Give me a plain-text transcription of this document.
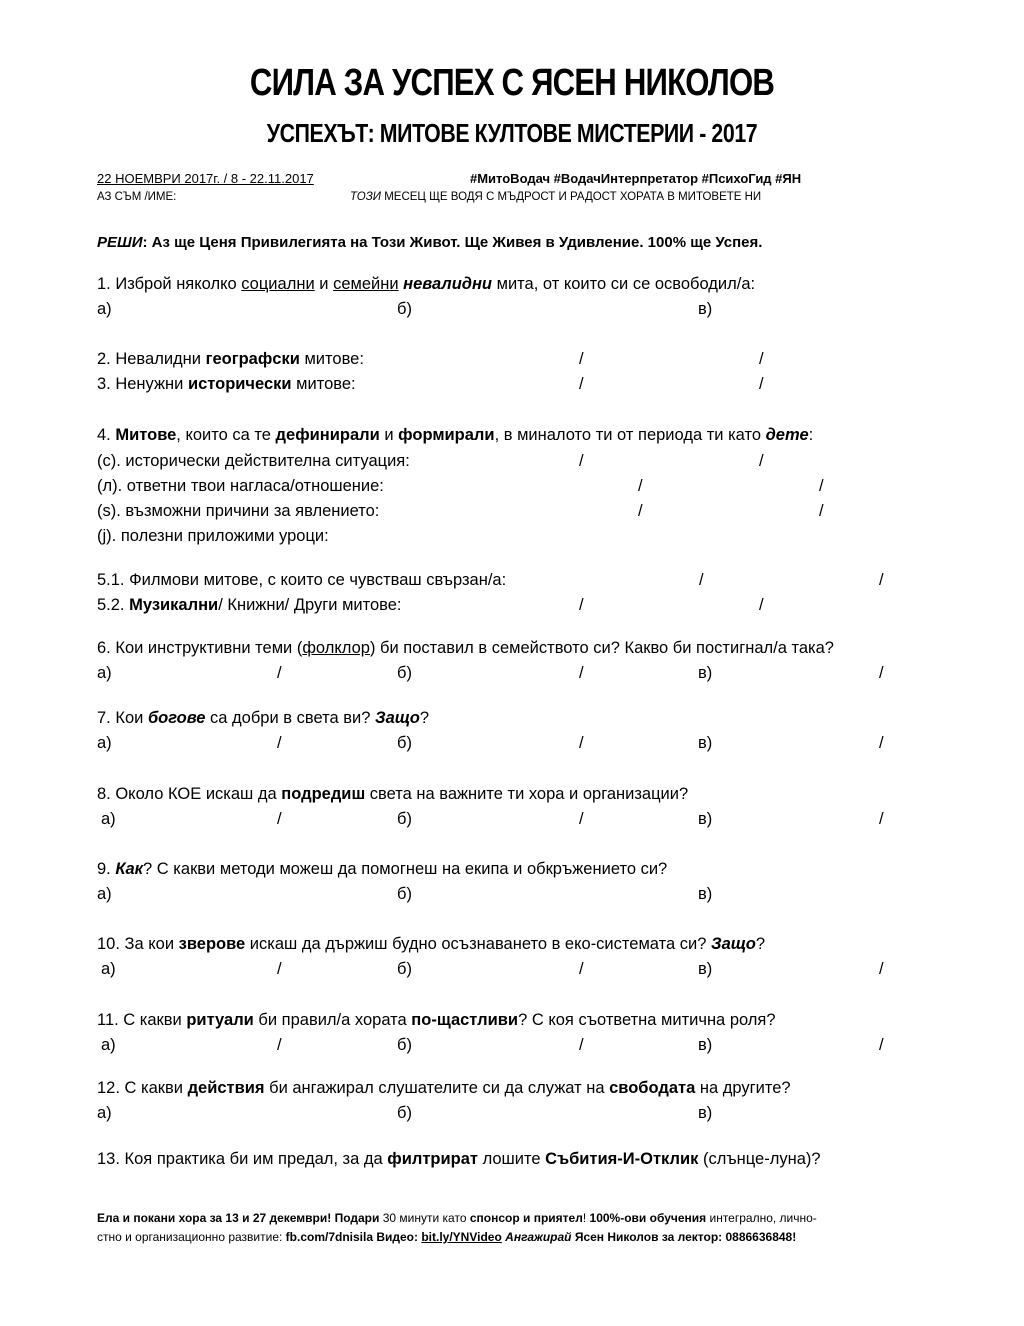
СИЛА ЗА УСПЕХ С ЯСЕН НИКОЛОВ
УСПЕХЪТ: МИТОВЕ КУЛТОВЕ МИСТЕРИИ - 2017
22 НОЕМВРИ 2017г. / 8 - 22.11.2017	#МитоВодач #ВодачИнтерпретатор #ПсихоГид #ЯН
АЗ СЪМ /ИМЕ:	ТОЗИ МЕСЕЦ ЩЕ ВОДЯ С МЪДРОСТ И РАДОСТ ХОРАТА В МИТОВЕТЕ НИ
РЕШИ: Аз ще Ценя Привилегията на Този Живот. Ще Живея в Удивление. 100% ще Успея.
1. Изброй няколко социални и семейни невалидни мита, от които си се освободил/а:
а)	б)	в)
2. Невалидни географски митове:	/	/
3. Ненужни исторически митове:	/	/
4. Митове, които са те дефинирали и формирали, в миналото ти от периода ти като дете:
(с). исторически действителна ситуация:	/	/
(л). ответни твои нагласа/отношение:	/	/
(s). възможни причини за явлението:	/	/
(j). полезни приложими уроци:
5.1. Филмови митове, с които се чувстваш свързан/а:	/	/
5.2. Музикални/ Книжни/ Други митове:	/	/
6. Кои инструктивни теми (фолклор) би поставил в семейството си? Какво би постигнал/а така?
а)	/	б)	/	в)	/
7. Кои богове са добри в света ви? Защо?
а)	/	б)	/	в)	/
8. Около КОЕ искаш да подредиш света на важните ти хора и организации?
а)	/	б)	/	в)	/
9. Как? С какви методи можеш да помогнеш на екипа и обкръжението си?
а)	б)	в)
10. За кои зверове искаш да държиш будно осъзнаването в еко-системата си? Защо?
а)	/	б)	/	в)	/
11. С какви ритуали би правил/а хората по-щастливи? С коя съответна митична роля?
а)	/	б)	/	в)	/
12. С какви действия би ангажирал слушателите си да служат на свободата на другите?
а)	б)	в)
13. Коя практика би им предал, за да филтрират лошите Събития-И-Отклик (слънце-луна)?
Ела и покани хора за 13 и 27 декември! Подари 30 минути като спонсор и приятел! 100%-ови обучения интегрално, лично-
стно и организационно развитие: fb.com/7dnisila Видео: bit.ly/YNVideo Ангажирай Ясен Николов за лектор: 0886636848!
